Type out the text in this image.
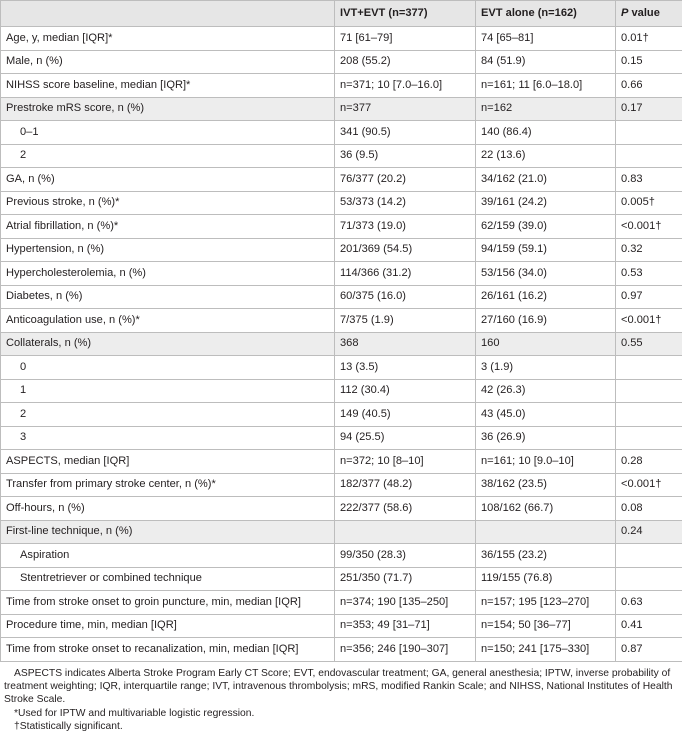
	IVT+EVT (n=377)	EVT alone (n=162)	P value
Age, y, median [IQR]*	71 [61–79]	74 [65–81]	0.01†
Male, n (%)	208 (55.2)	84 (51.9)	0.15
NIHSS score baseline, median [IQR]*	n=371; 10 [7.0–16.0]	n=161; 11 [6.0–18.0]	0.66
Prestroke mRS score, n (%)	n=377	n=162	0.17
0–1	341 (90.5)	140 (86.4)	
2	36 (9.5)	22 (13.6)	
GA, n (%)	76/377 (20.2)	34/162 (21.0)	0.83
Previous stroke, n (%)*	53/373 (14.2)	39/161 (24.2)	0.005†
Atrial fibrillation, n (%)*	71/373 (19.0)	62/159 (39.0)	<0.001†
Hypertension, n (%)	201/369 (54.5)	94/159 (59.1)	0.32
Hypercholesterolemia, n (%)	114/366 (31.2)	53/156 (34.0)	0.53
Diabetes, n (%)	60/375 (16.0)	26/161 (16.2)	0.97
Anticoagulation use, n (%)*	7/375 (1.9)	27/160 (16.9)	<0.001†
Collaterals, n (%)	368	160	0.55
0	13 (3.5)	3 (1.9)	
1	112 (30.4)	42 (26.3)	
2	149 (40.5)	43 (45.0)	
3	94 (25.5)	36 (26.9)	
ASPECTS, median [IQR]	n=372; 10 [8–10]	n=161; 10 [9.0–10]	0.28
Transfer from primary stroke center, n (%)*	182/377 (48.2)	38/162 (23.5)	<0.001†
Off-hours, n (%)	222/377 (58.6)	108/162 (66.7)	0.08
First-line technique, n (%)			0.24
Aspiration	99/350 (28.3)	36/155 (23.2)	
Stentretriever or combined technique	251/350 (71.7)	119/155 (76.8)	
Time from stroke onset to groin puncture, min, median [IQR]	n=374; 190 [135–250]	n=157; 195 [123–270]	0.63
Procedure time, min, median [IQR]	n=353; 49 [31–71]	n=154; 50 [36–77]	0.41
Time from stroke onset to recanalization, min, median [IQR]	n=356; 246 [190–307]	n=150; 241 [175–330]	0.87

ASPECTS indicates Alberta Stroke Program Early CT Score; EVT, endovascular treatment; GA, general anesthesia; IPTW, inverse probability of treatment weighting; IQR, interquartile range; IVT, intravenous thrombolysis; mRS, modified Rankin Scale; and NIHSS, National Institutes of Health Stroke Scale.

*Used for IPTW and multivariable logistic regression.

†Statistically significant.
